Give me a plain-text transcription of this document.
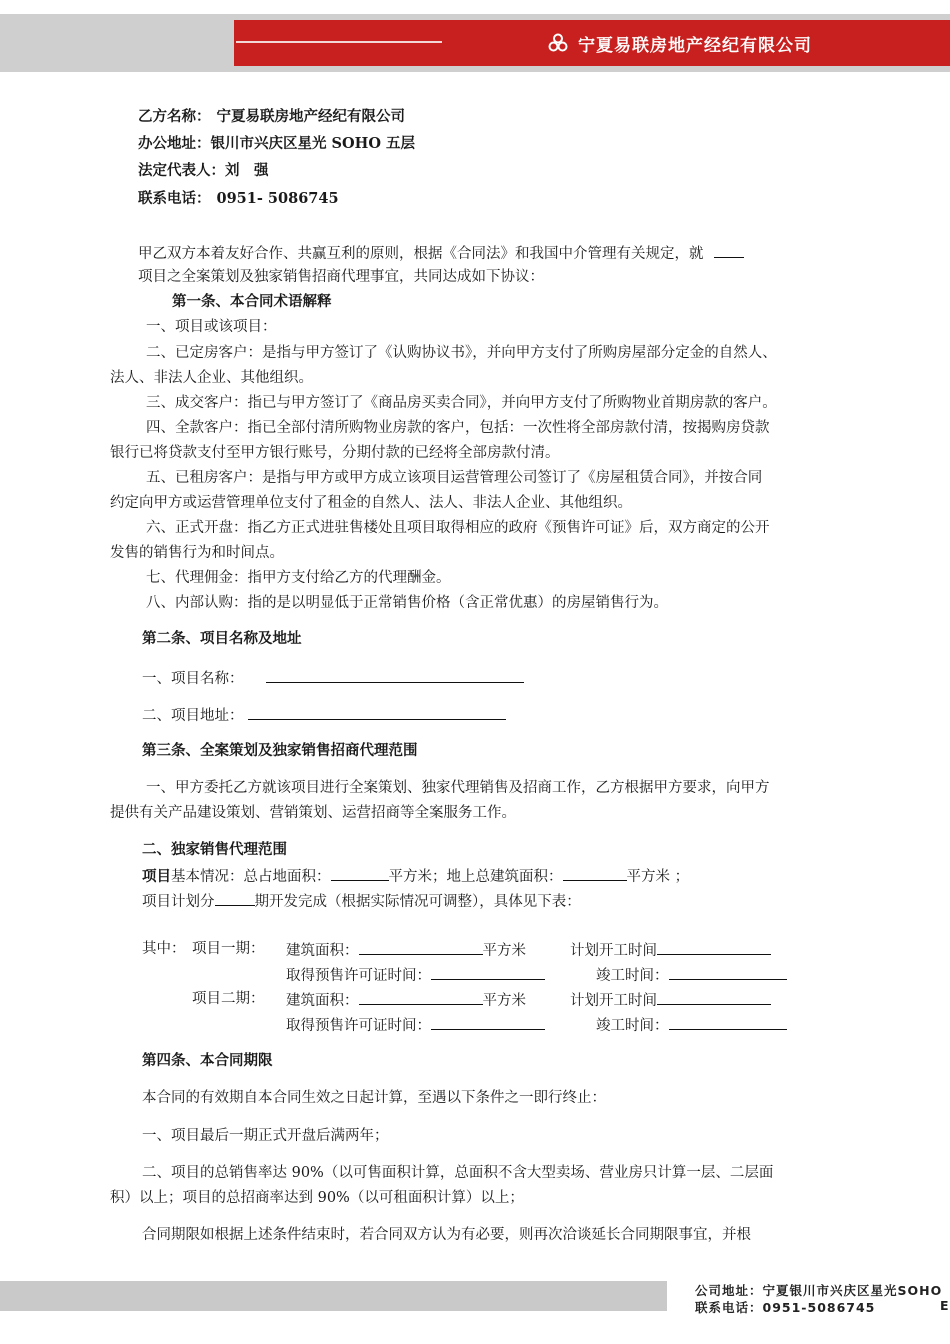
宁夏易联房地产经纪有限公司
乙方名称： 宁夏易联房地产经纪有限公司
办公地址：银川市兴庆区星光 SOHO 五层
法定代表人：刘　强
联系电话： 0951- 5086745
甲乙双方本着友好合作、共赢互利的原则，根据《合同法》和我国中介管理有关规定，就
项目之全案策划及独家销售招商代理事宜，共同达成如下协议：
第一条、本合同术语解释
一、项目或该项目：
二、已定房客户：是指与甲方签订了《认购协议书》，并向甲方支付了所购房屋部分定金的自然人、
法人、非法人企业、其他组织。
三、成交客户：指已与甲方签订了《商品房买卖合同》，并向甲方支付了所购物业首期房款的客户。
四、全款客户：指已全部付清所购物业房款的客户，包括：一次性将全部房款付清，按揭购房贷款
银行已将贷款支付至甲方银行账号，分期付款的已经将全部房款付清。
五、已租房客户：是指与甲方或甲方成立该项目运营管理公司签订了《房屋租赁合同》，并按合同
约定向甲方或运营管理单位支付了租金的自然人、法人、非法人企业、其他组织。
六、正式开盘：指乙方正式进驻售楼处且项目取得相应的政府《预售许可证》后，双方商定的公开
发售的销售行为和时间点。
七、代理佣金：指甲方支付给乙方的代理酬金。
八、内部认购：指的是以明显低于正常销售价格（含正常优惠）的房屋销售行为。
第二条、项目名称及地址
一、项目名称：
二、项目地址：
第三条、全案策划及独家销售招商代理范围
一、甲方委托乙方就该项目进行全案策划、独家代理销售及招商工作，乙方根据甲方要求，向甲方
提供有关产品建设策划、营销策划、运营招商等全案服务工作。
二、独家销售代理范围
项目基本情况：总占地面积：	平方米；地上总建筑面积：	平方米 ；
项目计划分	期开发完成（根据实际情况可调整），具体见下表：
其中： 项目一期： 建筑面积：	平方米	计划开工时间
取得预售许可证时间：	竣工时间：
项目二期： 建筑面积：	平方米	计划开工时间
取得预售许可证时间：	竣工时间：
第四条、本合同期限
本合同的有效期自本合同生效之日起计算，至遇以下条件之一即行终止：
一、项目最后一期正式开盘后满两年；
二、项目的总销售率达 90%（以可售面积计算，总面积不含大型卖场、营业房只计算一层、二层面
积）以上；项目的总招商率达到 90%（以可租面积计算）以上；
合同期限如根据上述条件结束时，若合同双方认为有必要，则再次洽谈延长合同期限事宜，并根
公司地址：宁夏银川市兴庆区星光SOHO
联系电话：0951-5086745	E
